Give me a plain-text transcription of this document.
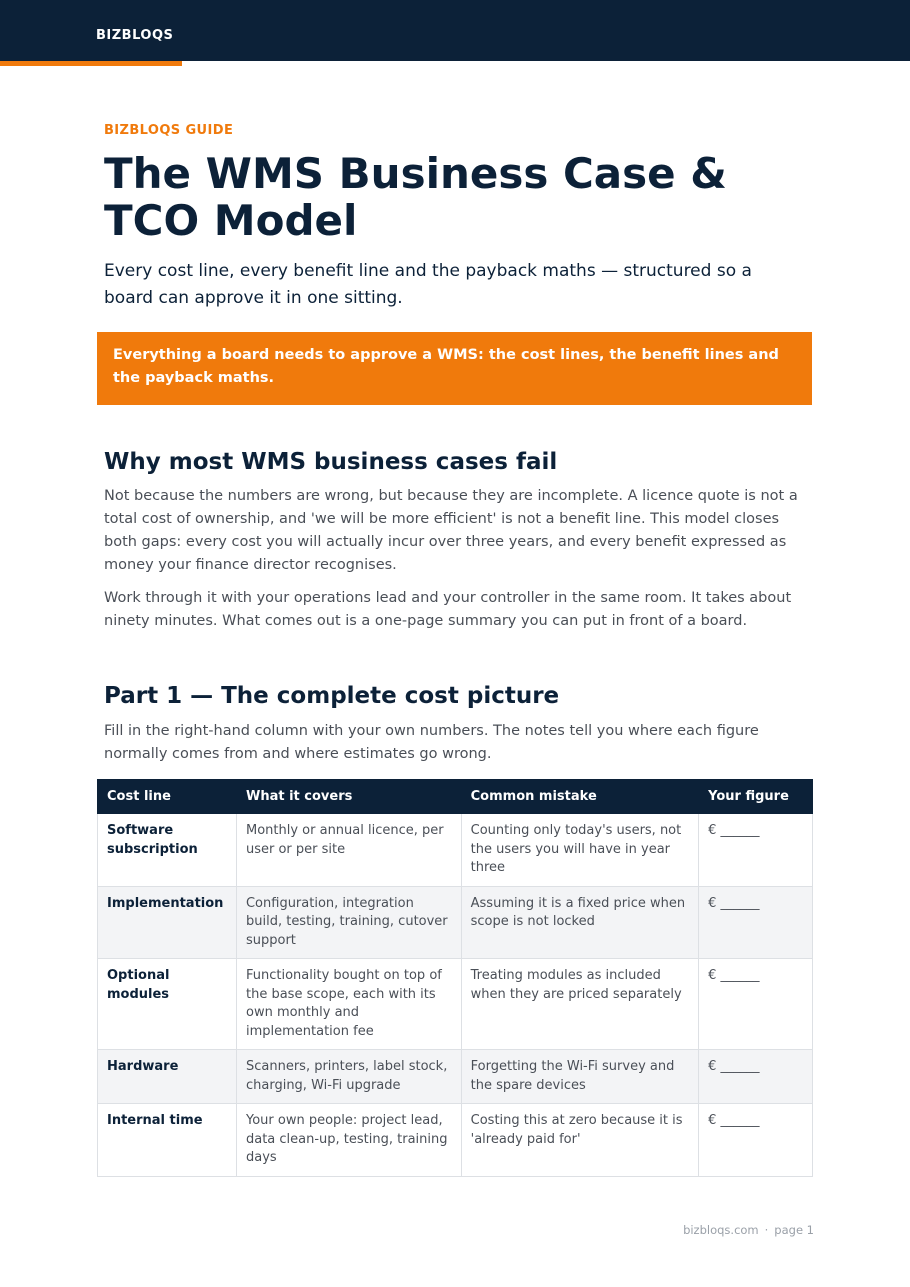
BIZBLOQS
BIZBLOQS GUIDE
The WMS Business Case & TCO Model

Every cost line, every benefit line and the payback maths — structured so a board can approve it in one sitting.

Everything a board needs to approve a WMS: the cost lines, the benefit lines and the payback maths.
Why most WMS business cases fail

Not because the numbers are wrong, but because they are incomplete. A licence quote is not a total cost of ownership, and 'we will be more efficient' is not a benefit line. This model closes both gaps: every cost you will actually incur over three years, and every benefit expressed as money your finance director recognises.

Work through it with your operations lead and your controller in the same room. It takes about ninety minutes. What comes out is a one-page summary you can put in front of a board.

Part 1 — The complete cost picture

Fill in the right-hand column with your own numbers. The notes tell you where each figure normally comes from and where estimates go wrong.

Cost line	What it covers	Common mistake	Your figure
Software subscription	Monthly or annual licence, per user or per site	Counting only today's users, not the users you will have in year three	€ ______
Implementation	Configuration, integration build, testing, training, cutover support	Assuming it is a fixed price when scope is not locked	€ ______
Optional modules	Functionality bought on top of the base scope, each with its own monthly and implementation fee	Treating modules as included when they are priced separately	€ ______
Hardware	Scanners, printers, label stock, charging, Wi-Fi upgrade	Forgetting the Wi-Fi survey and the spare devices	€ ______
Internal time	Your own people: project lead, data clean-up, testing, training days	Costing this at zero because it is 'already paid for'	€ ______
bizbloqs.com · page 1
